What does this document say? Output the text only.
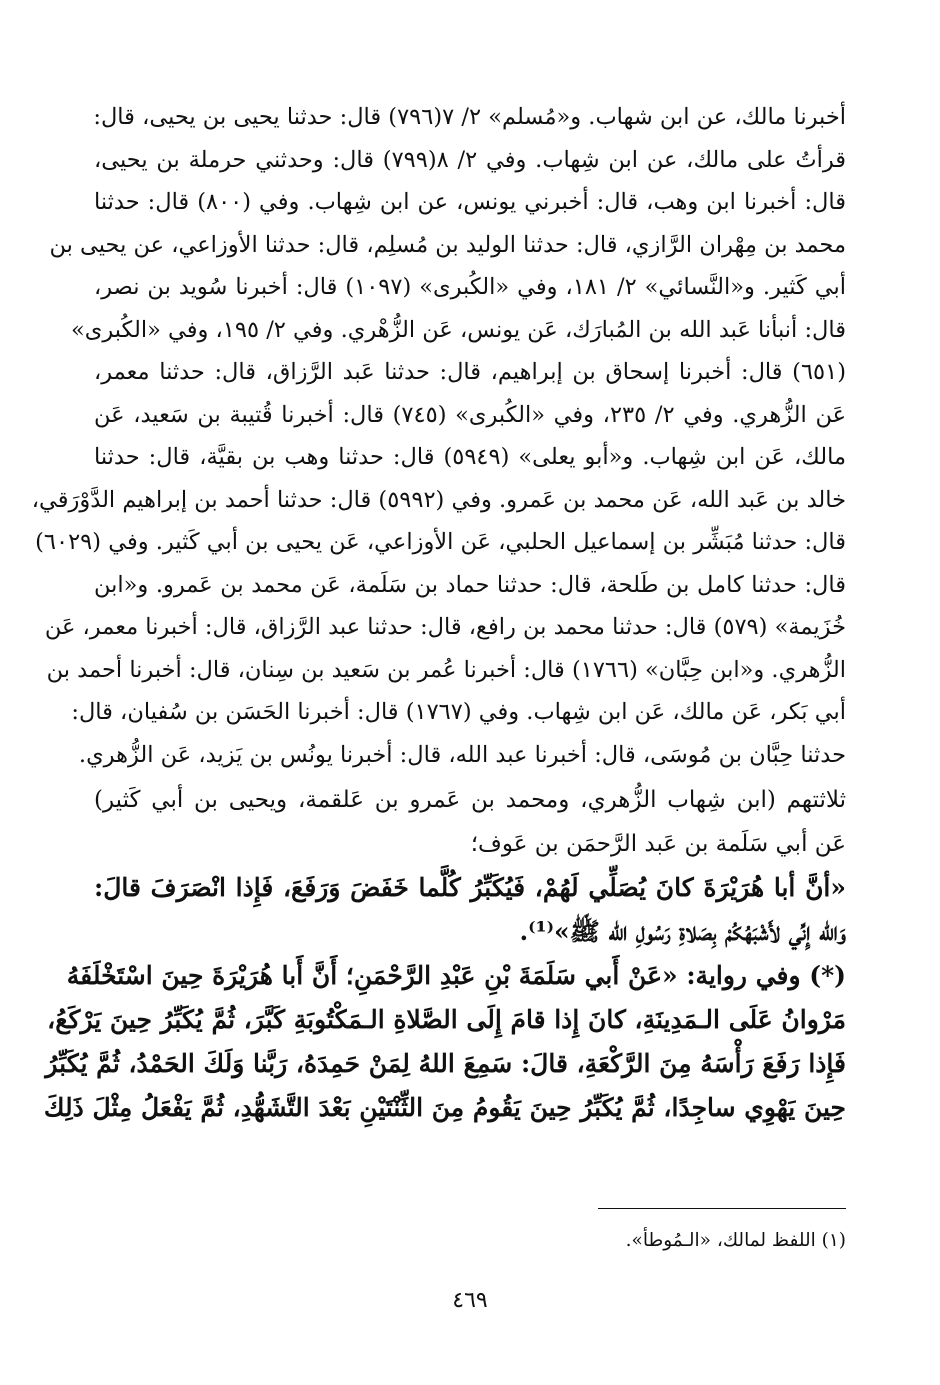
أخبرنا مالك، عن ابن شهاب. و«مُسلم» ٢/ ٧(٧٩٦) قال: حدثنا يحيى بن يحيى، قال:
قرأتُ على مالك، عن ابن شِهاب. وفي ٢/ ٨(٧٩٩) قال: وحدثني حرملة بن يحيى،
قال: أخبرنا ابن وهب، قال: أخبرني يونس، عن ابن شِهاب. وفي (٨٠٠) قال: حدثنا
محمد بن مِهْران الرَّازي، قال: حدثنا الوليد بن مُسلِم، قال: حدثنا الأوزاعي، عن يحيى بن
أبي كَثير. و«النَّسائي» ٢/ ١٨١، وفي «الكُبرى» (١٠٩٧) قال: أخبرنا سُويد بن نصر،
قال: أنبأنا عَبد الله بن المُبارَك، عَن يونس، عَن الزُّهْري. وفي ٢/ ١٩٥، وفي «الكُبرى»
(٦٥١) قال: أخبرنا إسحاق بن إبراهيم، قال: حدثنا عَبد الرَّزاق، قال: حدثنا معمر،
عَن الزُّهري. وفي ٢/ ٢٣٥، وفي «الكُبرى» (٧٤٥) قال: أخبرنا قُتيبة بن سَعيد، عَن
مالك، عَن ابن شِهاب. و«أبو يعلى» (٥٩٤٩) قال: حدثنا وهب بن بقيَّة، قال: حدثنا
خالد بن عَبد الله، عَن محمد بن عَمرو. وفي (٥٩٩٢) قال: حدثنا أحمد بن إبراهيم الدَّوْرَقي،
قال: حدثنا مُبَشِّر بن إسماعيل الحلبي، عَن الأوزاعي، عَن يحيى بن أبي كَثير. وفي (٦٠٢٩)
قال: حدثنا كامل بن طَلحة، قال: حدثنا حماد بن سَلَمة، عَن محمد بن عَمرو. و«ابن
خُزَيمة» (٥٧٩) قال: حدثنا محمد بن رافع، قال: حدثنا عبد الرَّزاق، قال: أخبرنا معمر، عَن
الزُّهري. و«ابن حِبَّان» (١٧٦٦) قال: أخبرنا عُمر بن سَعيد بن سِنان، قال: أخبرنا أحمد بن
أبي بَكر، عَن مالك، عَن ابن شِهاب. وفي (١٧٦٧) قال: أخبرنا الحَسَن بن سُفيان، قال:
حدثنا حِبَّان بن مُوسَى، قال: أخبرنا عبد الله، قال: أخبرنا يونُس بن يَزيد، عَن الزُّهري.
ثلاثتهم (ابن شِهاب الزُّهري، ومحمد بن عَمرو بن عَلقمة، ويحيى بن أبي كَثير)
عَن أبي سَلَمة بن عَبد الرَّحمَن بن عَوف؛
«أنَّ أبا هُرَيْرَةَ كانَ يُصَلِّي لَهُمْ، فَيُكَبِّرُ كُلَّما خَفَضَ وَرَفَعَ، فَإِذا انْصَرَفَ قالَ:
وَالله إِنِّي لأَشْبَهُكُمْ بِصَلاةِ رَسُولِ الله ﷺ»⁽¹⁾.
(*) وفي رواية: «عَنْ أَبي سَلَمَةَ بْنِ عَبْدِ الرَّحْمَنِ؛ أَنَّ أَبا هُرَيْرَةَ حِينَ اسْتَخْلَفَهُ
مَرْوانُ عَلَى الـمَدِينَةِ، كانَ إِذا قامَ إِلَى الصَّلاةِ الـمَكْتُوبَةِ كَبَّرَ، ثُمَّ يُكَبِّرُ حِينَ يَرْكَعُ،
فَإِذا رَفَعَ رَأْسَهُ مِنَ الرَّكْعَةِ، قالَ: سَمِعَ اللهُ لِمَنْ حَمِدَهُ، رَبَّنا وَلَكَ الحَمْدُ، ثُمَّ يُكَبِّرُ
حِينَ يَهْوِي ساجِدًا، ثُمَّ يُكَبِّرُ حِينَ يَقُومُ مِنَ الثِّنْتَيْنِ بَعْدَ التَّشَهُّدِ، ثُمَّ يَفْعَلُ مِثْلَ ذَلِكَ
(١) اللفظ لمالك، «الـمُوطأ».
٤٦٩
